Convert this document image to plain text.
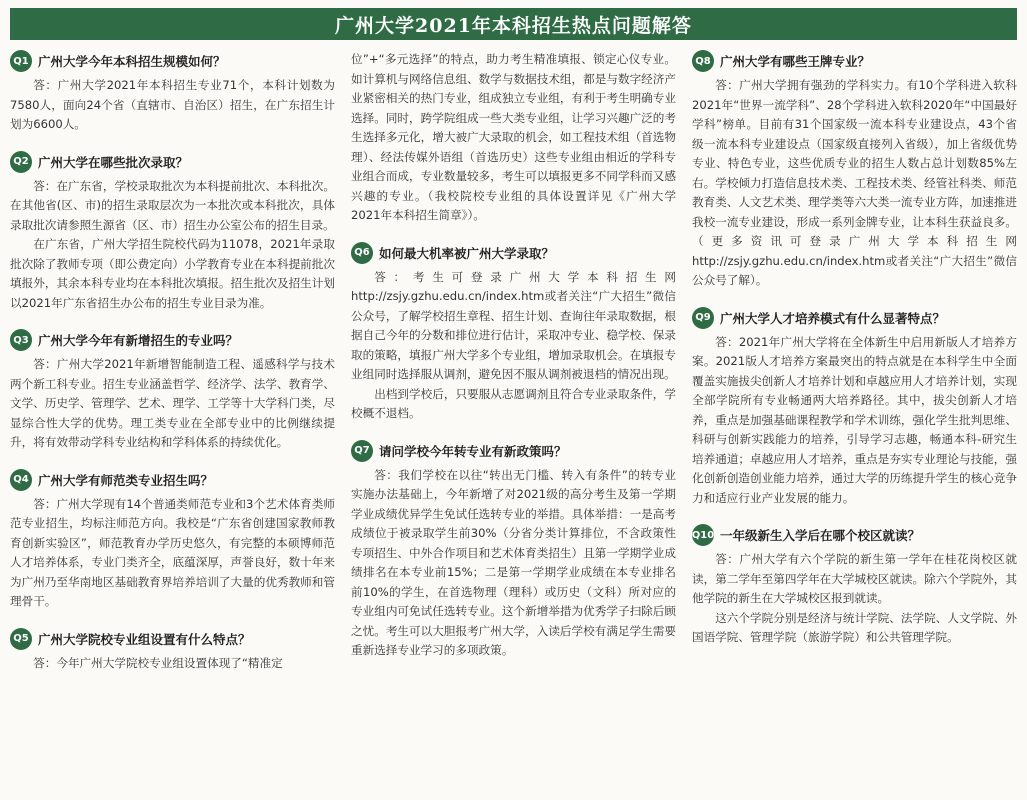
广州大学2021年本科招生热点问题解答
Q1 广州大学今年本科招生规模如何？

答：广州大学2021年本科招生专业71个，本科计划数为7580人，面向24个省（直辖市、自治区）招生，在广东招生计划为6600人。

Q2 广州大学在哪些批次录取？

答：在广东省，学校录取批次为本科提前批次、本科批次。在其他省(区、市)的招生录取层次为一本批次或本科批次，具体录取批次请参照生源省（区、市）招生办公室公布的招生目录。

在广东省，广州大学招生院校代码为11078，2021年录取批次除了教师专项（即公费定向）小学教育专业在本科提前批次填报外，其余本科专业均在本科批次填报。招生批次及招生计划以2021年广东省招生办公布的招生专业目录为准。

Q3 广州大学今年有新增招生的专业吗？

答：广州大学2021年新增智能制造工程、遥感科学与技术两个新工科专业。招生专业涵盖哲学、经济学、法学、教育学、文学、历史学、管理学、艺术、理学、工学等十大学科门类，尽显综合性大学的优势。理工类专业在全部专业中的比例继续提升，将有效带动学科专业结构和学科体系的持续优化。

Q4 广州大学有师范类专业招生吗？

答：广州大学现有14个普通类师范专业和3个艺术体育类师范专业招生，均标注师范方向。我校是“广东省创建国家教师教育创新实验区”，师范教育办学历史悠久，有完整的本硕博师范人才培养体系，专业门类齐全，底蕴深厚，声誉良好，数十年来为广州乃至华南地区基础教育界培养培训了大量的优秀教师和管理骨干。

Q5 广州大学院校专业组设置有什么特点？

答：今年广州大学院校专业组设置体现了“精准定

位”+“多元选择”的特点，助力考生精准填报、锁定心仪专业。如计算机与网络信息组、数学与数据技术组，都是与数字经济产业紧密相关的热门专业，组成独立专业组，有利于考生明确专业选择。同时，跨学院组成一些大类专业组，让学习兴趣广泛的考生选择多元化，增大被广大录取的机会，如工程技术组（首选物理）、经法传媒外语组（首选历史）这些专业组由相近的学科专业组合而成，专业数量较多，考生可以填报更多不同学科而又感兴趣的专业。（我校院校专业组的具体设置详见《广州大学2021年本科招生简章》）。

Q6 如何最大机率被广州大学录取？

答：考生可登录广州大学本科招生网http://zsjy.gzhu.edu.cn/index.htm或者关注“广大招生”微信公众号，了解学校招生章程、招生计划、查询往年录取数据，根据自己今年的分数和排位进行估计，采取冲专业、稳学校、保录取的策略，填报广州大学多个专业组，增加录取机会。在填报专业组同时选择服从调剂，避免因不服从调剂被退档的情况出现。

出档到学校后，只要服从志愿调剂且符合专业录取条件，学校概不退档。

Q7 请问学校今年转专业有新政策吗？

答：我们学校在以往“转出无门槛、转入有条件”的转专业实施办法基础上，今年新增了对2021级的高分考生及第一学期学业成绩优异学生免试任选转专业的举措。具体举措：一是高考成绩位于被录取学生前30%（分省分类计算排位，不含政策性专项招生、中外合作项目和艺术体育类招生）且第一学期学业成绩排名在本专业前15%；二是第一学期学业成绩在本专业排名前10%的学生，在首选物理（理科）或历史（文科）所对应的专业组内可免试任选转专业。这个新增举措为优秀学子扫除后顾之忧。考生可以大胆报考广州大学，入读后学校有满足学生需要重新选择专业学习的多项政策。

Q8 广州大学有哪些王牌专业？

答：广州大学拥有强劲的学科实力。有10个学科进入软科2021年“世界一流学科”、28个学科进入软科2020年“中国最好学科”榜单。目前有31个国家级一流本科专业建设点，43个省级一流本科专业建设点（国家级直接列入省级），加上省级优势专业、特色专业，这些优质专业的招生人数占总计划数85%左右。学校倾力打造信息技术类、工程技术类、经管社科类、师范教育类、人文艺术类、理学类等六大类一流专业方阵，加速推进我校一流专业建设，形成一系列金牌专业，让本科生获益良多。（更多资讯可登录广州大学本科招生网http://zsjy.gzhu.edu.cn/index.htm或者关注“广大招生”微信公众号了解）。

Q9 广州大学人才培养模式有什么显著特点？

答：2021年广州大学将在全体新生中启用新版人才培养方案。2021版人才培养方案最突出的特点就是在本科学生中全面覆盖实施拔尖创新人才培养计划和卓越应用人才培养计划，实现全部学院所有专业畅通两大培养路径。其中，拔尖创新人才培养，重点是加强基础课程教学和学术训练，强化学生批判思维、科研与创新实践能力的培养，引导学习志趣，畅通本科-研究生培养通道；卓越应用人才培养，重点是夯实专业理论与技能，强化创新创造创业能力培养，通过大学的历练提升学生的核心竞争力和适应行业产业发展的能力。

Q10 一年级新生入学后在哪个校区就读？

答：广州大学有六个学院的新生第一学年在桂花岗校区就读，第二学年至第四学年在大学城校区就读。除六个学院外，其他学院的新生在大学城校区报到就读。

这六个学院分别是经济与统计学院、法学院、人文学院、外国语学院、管理学院（旅游学院）和公共管理学院。
